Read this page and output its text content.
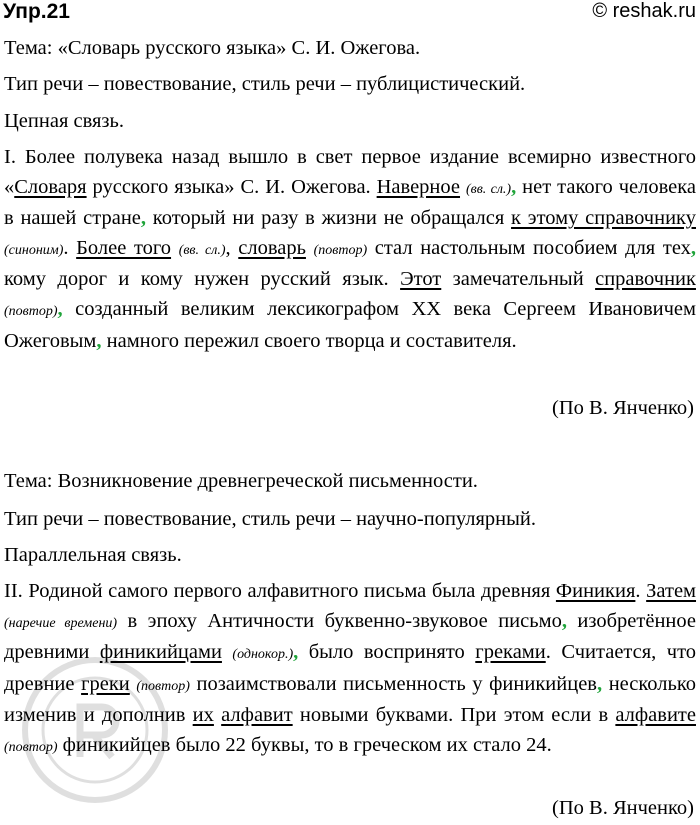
Упр.21	© reshak.ru
Тема: «Словарь русского языка» С. И. Ожегова.
Тип речи – повествование, стиль речи – публицистический.
Цепная связь.
I. Более полувека назад вышло в свет первое издание всемирно известного «Словаря русского языка» С. И. Ожегова. Наверное (вв. сл.), нет такого человека в нашей стране, который ни разу в жизни не обращался к этому справочнику (синоним). Более того (вв. сл.), словарь (повтор) стал настольным пособием для тех, кому дорог и кому нужен русский язык. Этот замечательный справочник (повтор), созданный великим лексикографом XX века Сергеем Ивановичем Ожеговым, намного пережил своего творца и составителя.
(По В. Янченко)
Тема: Возникновение древнегреческой письменности.
Тип речи – повествование, стиль речи – научно-популярный.
Параллельная связь.
II. Родиной самого первого алфавитного письма была древняя Финикия. Затем (наречие времени) в эпоху Античности буквенно-звуковое письмо, изобретённое древними финикийцами (однокор.), было воспринято греками. Считается, что древние греки (повтор) позаимствовали письменность у финикийцев, несколько изменив и дополнив их алфавит новыми буквами. При этом если в алфавите (повтор) финикийцев было 22 буквы, то в греческом их стало 24.
(По В. Янченко)
